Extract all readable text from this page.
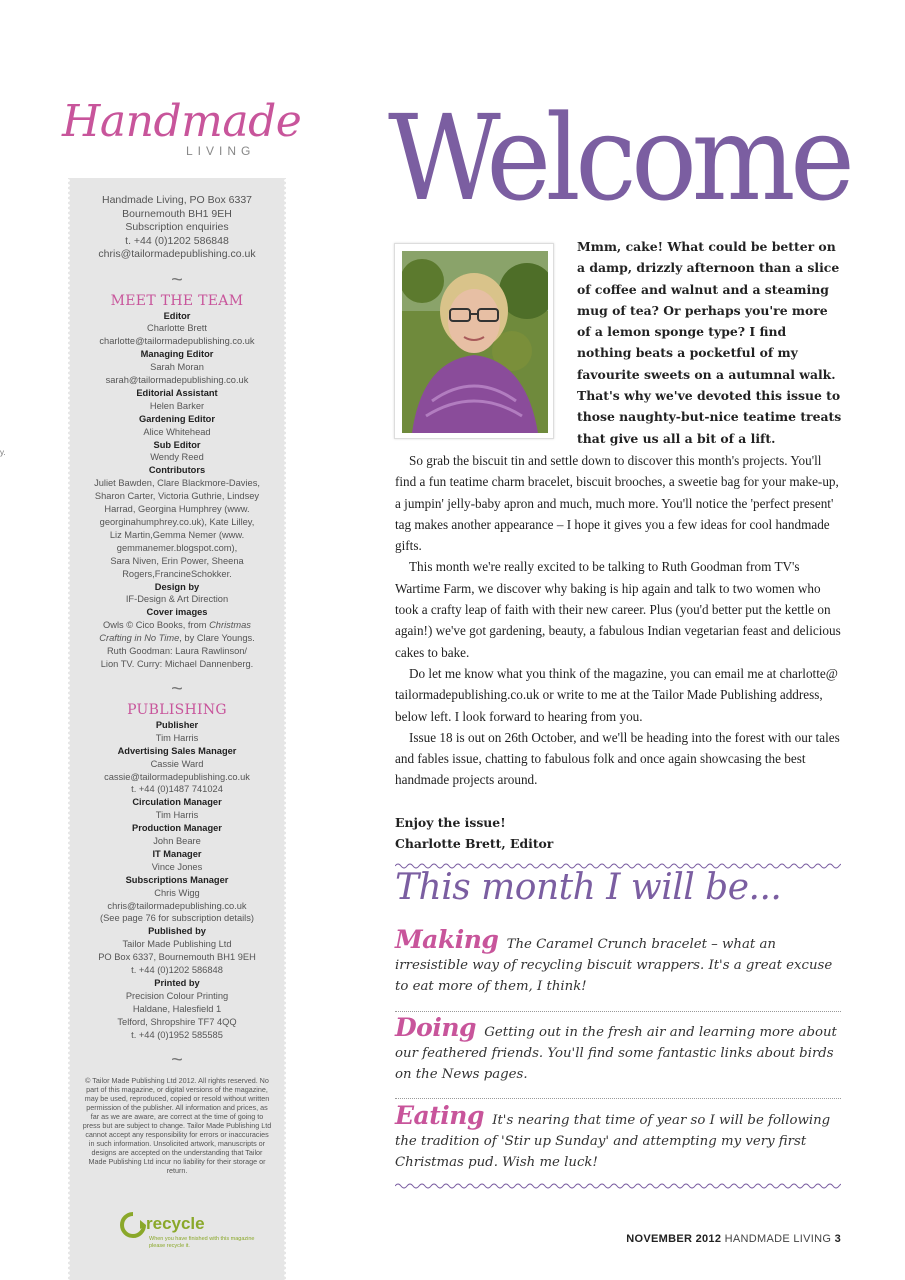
Handmade
LIVING
y.
Handmade Living, PO Box 6337
Bournemouth BH1 9EH
Subscription enquiries
t. +44 (0)1202 586848
chris@tailormadepublishing.co.uk
~
MEET THE TEAM
Editor
Charlotte Brett
charlotte@tailormadepublishing.co.uk
Managing Editor
Sarah Moran
sarah@tailormadepublishing.co.uk
Editorial Assistant
Helen Barker
Gardening Editor
Alice Whitehead
Sub Editor
Wendy Reed
Contributors
Juliet Bawden, Clare Blackmore-Davies,
Sharon Carter, Victoria Guthrie, Lindsey
Harrad, Georgina Humphrey (www.
georginahumphrey.co.uk), Kate Lilley,
Liz Martin,Gemma Nemer (www.
gemmanemer.blogspot.com),
Sara Niven, Erin Power, Sheena
Rogers,FrancineSchokker.
Design by
IF-Design & Art Direction
Cover images
Owls © Cico Books, from Christmas
Crafting in No Time, by Clare Youngs.
Ruth Goodman: Laura Rawlinson/
Lion TV. Curry: Michael Dannenberg.
~
PUBLISHING
Publisher
Tim Harris
Advertising Sales Manager
Cassie Ward
cassie@tailormadepublishing.co.uk
t. +44 (0)1487 741024
Circulation Manager
Tim Harris
Production Manager
John Beare
IT Manager
Vince Jones
Subscriptions Manager
Chris Wigg
chris@tailormadepublishing.co.uk
(See page 76 for subscription details)
Published by
Tailor Made Publishing Ltd
PO Box 6337, Bournemouth BH1 9EH
t. +44 (0)1202 586848
Printed by
Precision Colour Printing
Haldane, Halesfield 1
Telford, Shropshire TF7 4QQ
t. +44 (0)1952 585585
~
© Tailor Made Publishing Ltd 2012. All rights reserved. No part of this magazine, or digital versions of the magazine, may be used, reproduced, copied or resold without written permission of the publisher. All information and prices, as far as we are aware, are correct at the time of going to press but are subject to change. Tailor Made Publishing Ltd cannot accept any responsibility for errors or inaccuracies in such information. Unsolicited artwork, manuscripts or designs are accepted on the understanding that Tailor Made Publishing Ltd incur no liability for their storage or return.
recycle
When you have finished with this magazine please recycle it.
Welcome
Mmm, cake! What could be better on a damp, drizzly afternoon than a slice of coffee and walnut and a steaming mug of tea? Or perhaps you're more of a lemon sponge type? I find nothing beats a pocketful of my favourite sweets on a autumnal walk. That's why we've devoted this issue to those naughty-but-nice teatime treats that give us all a bit of a lift.

So grab the biscuit tin and settle down to discover this month's projects. You'll find a fun teatime charm bracelet, biscuit brooches, a sweetie bag for your make-up, a jumpin' jelly-baby apron and much, much more. You'll notice the 'perfect present' tag makes another appearance – I hope it gives you a few ideas for cool handmade gifts.

This month we're really excited to be talking to Ruth Goodman from TV's Wartime Farm, we discover why baking is hip again and talk to two women who took a crafty leap of faith with their new career. Plus (you'd better put the kettle on again!) we've got gardening, beauty, a fabulous Indian vegetarian feast and delicious cakes to bake.

Do let me know what you think of the magazine, you can email me at charlotte@ tailormadepublishing.co.uk or write to me at the Tailor Made Publishing address, below left. I look forward to hearing from you.

Issue 18 is out on 26th October, and we'll be heading into the forest with our tales and fables issue, chatting to fabulous folk and once again showcasing the best handmade projects around.

Enjoy the issue!
Charlotte Brett, Editor
This month I will be...
Making The Caramel Crunch bracelet – what an irresistible way of recycling biscuit wrappers. It's a great excuse to eat more of them, I think!
Doing Getting out in the fresh air and learning more about our feathered friends. You'll find some fantastic links about birds on the News pages.
Eating It's nearing that time of year so I will be following the tradition of 'Stir up Sunday' and attempting my very first Christmas pud. Wish me luck!
NOVEMBER 2012 HANDMADE LIVING 3
